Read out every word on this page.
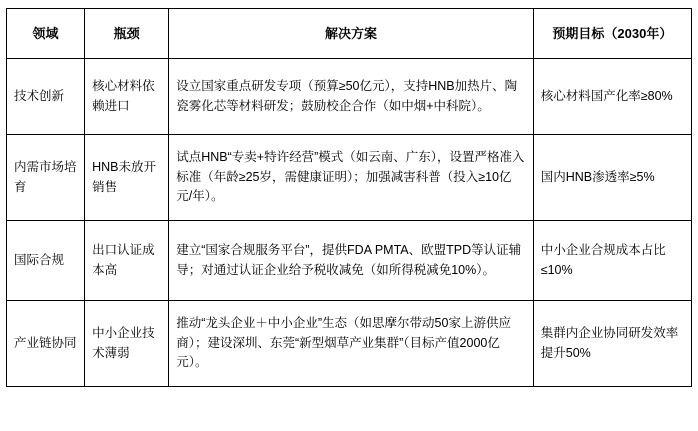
领域	瓶颈	解决方案	预期目标（2030年）
技术创新	核心材料依赖进口	设立国家重点研发专项（预算≥50亿元），支持HNB加热片、陶瓷雾化芯等材料研发；鼓励校企合作（如中烟+中科院）。	核心材料国产化率≥80%
内需市场培育	HNB未放开销售	试点HNB“专卖+特许经营”模式（如云南、广东），设置严格准入标准（年龄≥25岁，需健康证明）；加强减害科普（投入≥10亿元/年）。	国内HNB渗透率≥5%
国际合规	出口认证成本高	建立“国家合规服务平台”，提供FDA PMTA、欧盟TPD等认证辅导；对通过认证企业给予税收减免（如所得税减免10%）。	中小企业合规成本占比≤10%
产业链协同	中小企业技术薄弱	推动“龙头企业＋中小企业”生态（如思摩尔带动50家上游供应商）；建设深圳、东莞“新型烟草产业集群”（目标产值2000亿元）。	集群内企业协同研发效率提升50%
